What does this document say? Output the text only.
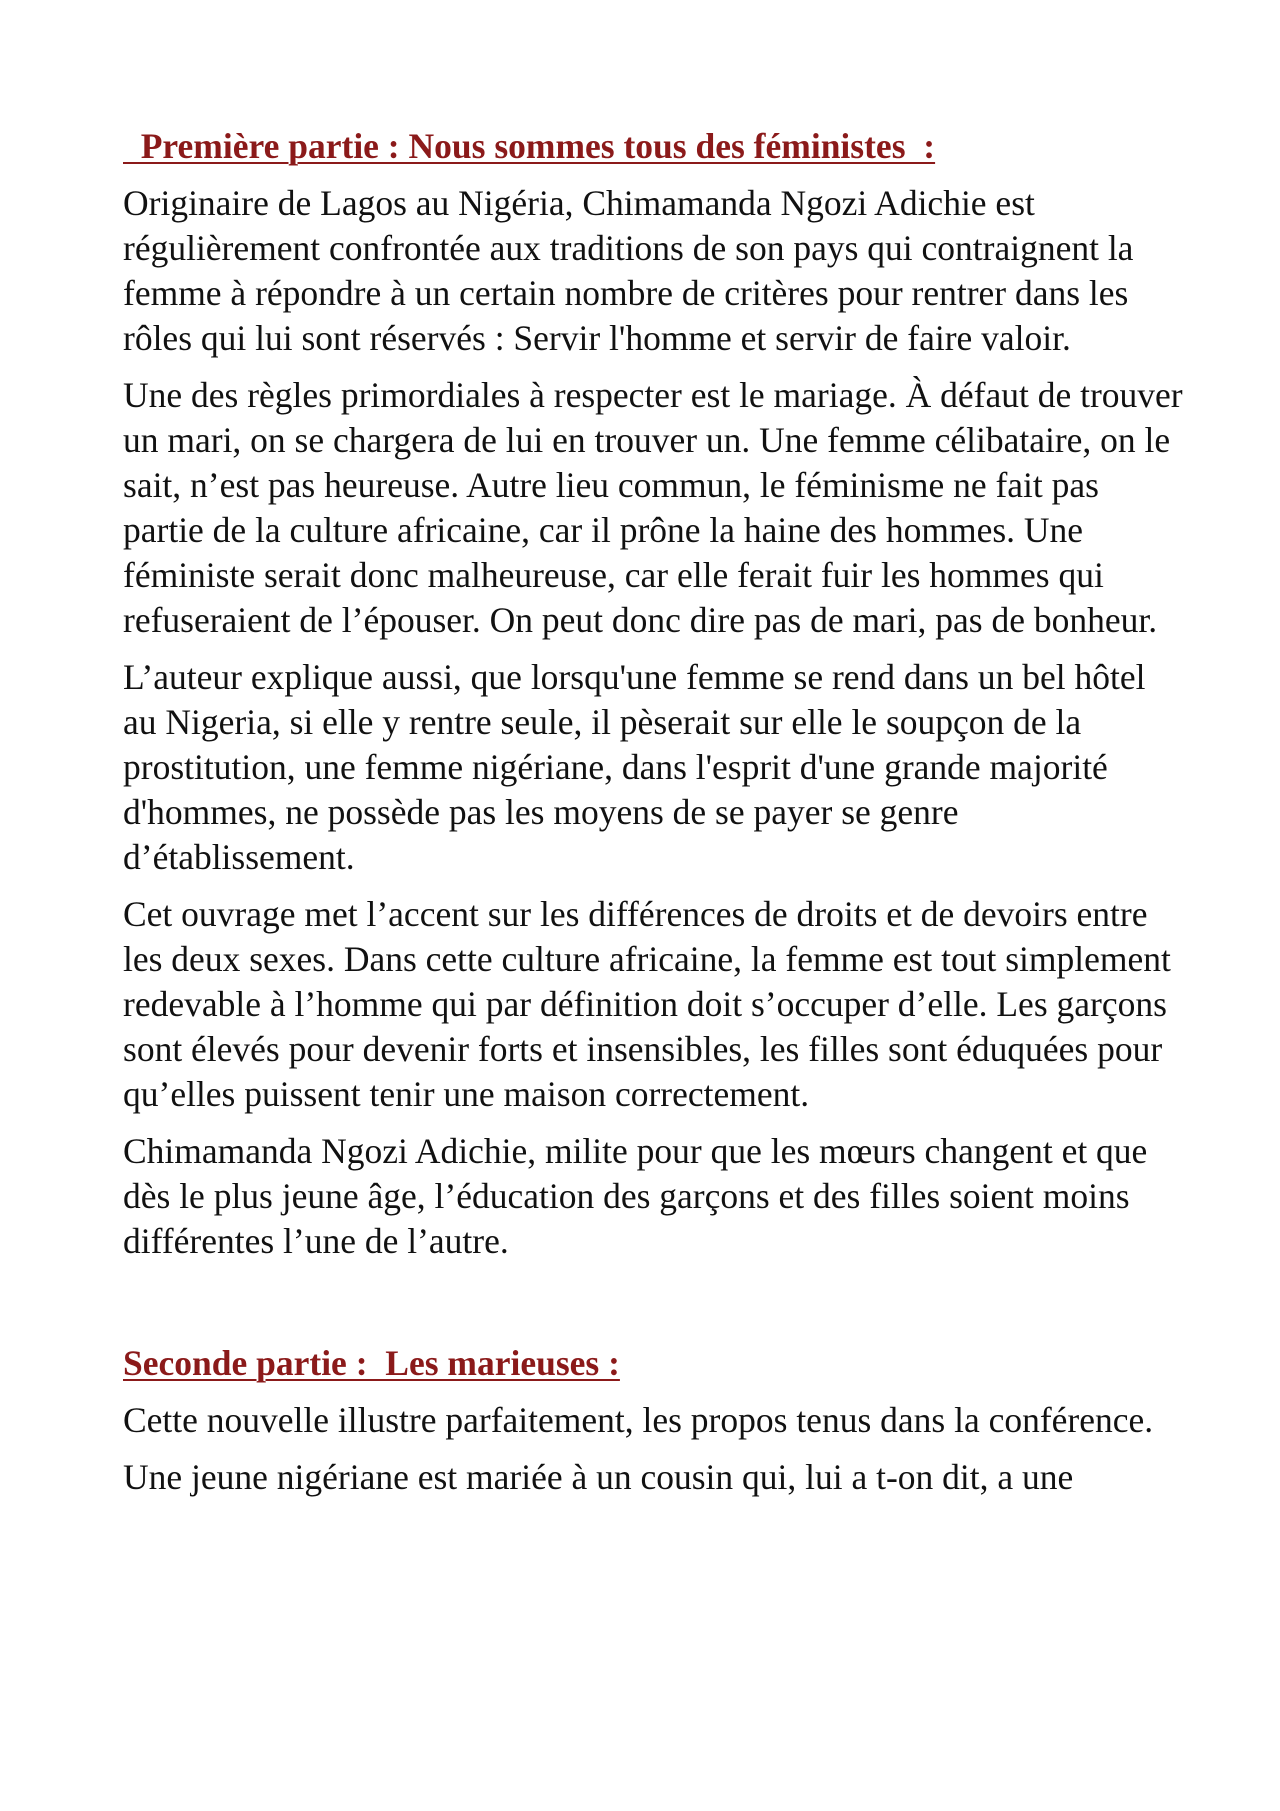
Première partie : Nous sommes tous des féministes  :

Originaire de Lagos au Nigéria, Chimamanda Ngozi Adichie est régulièrement confrontée aux traditions de son pays qui contraignent la femme à répondre à un certain nombre de critères pour rentrer dans les rôles qui lui sont réservés : Servir l'homme et servir de faire valoir.

Une des règles primordiales à respecter est le mariage. À défaut de trouver un mari, on se chargera de lui en trouver un. Une femme célibataire, on le sait, n’est pas heureuse. Autre lieu commun, le féminisme ne fait pas partie de la culture africaine, car il prône la haine des hommes. Une féministe serait donc malheureuse, car elle ferait fuir les hommes qui refuseraient de l’épouser. On peut donc dire pas de mari, pas de bonheur.

L’auteur explique aussi, que lorsqu'une femme se rend dans un bel hôtel au Nigeria, si elle y rentre seule, il pèserait sur elle le soupçon de la prostitution, une femme nigériane, dans l'esprit d'une grande majorité d'hommes, ne possède pas les moyens de se payer se genre d’établissement.

Cet ouvrage met l’accent sur les différences de droits et de devoirs entre les deux sexes. Dans cette culture africaine, la femme est tout simplement redevable à l’homme qui par définition doit s’occuper d’elle. Les garçons sont élevés pour devenir forts et insensibles, les filles sont éduquées pour qu’elles puissent tenir une maison correctement.

Chimamanda Ngozi Adichie, milite pour que les mœurs changent et que dès le plus jeune âge, l’éducation des garçons et des filles soient moins différentes l’une de l’autre.

Seconde partie :  Les marieuses :

Cette nouvelle illustre parfaitement, les propos tenus dans la conférence.

Une jeune nigériane est mariée à un cousin qui, lui a t-on dit, a une
